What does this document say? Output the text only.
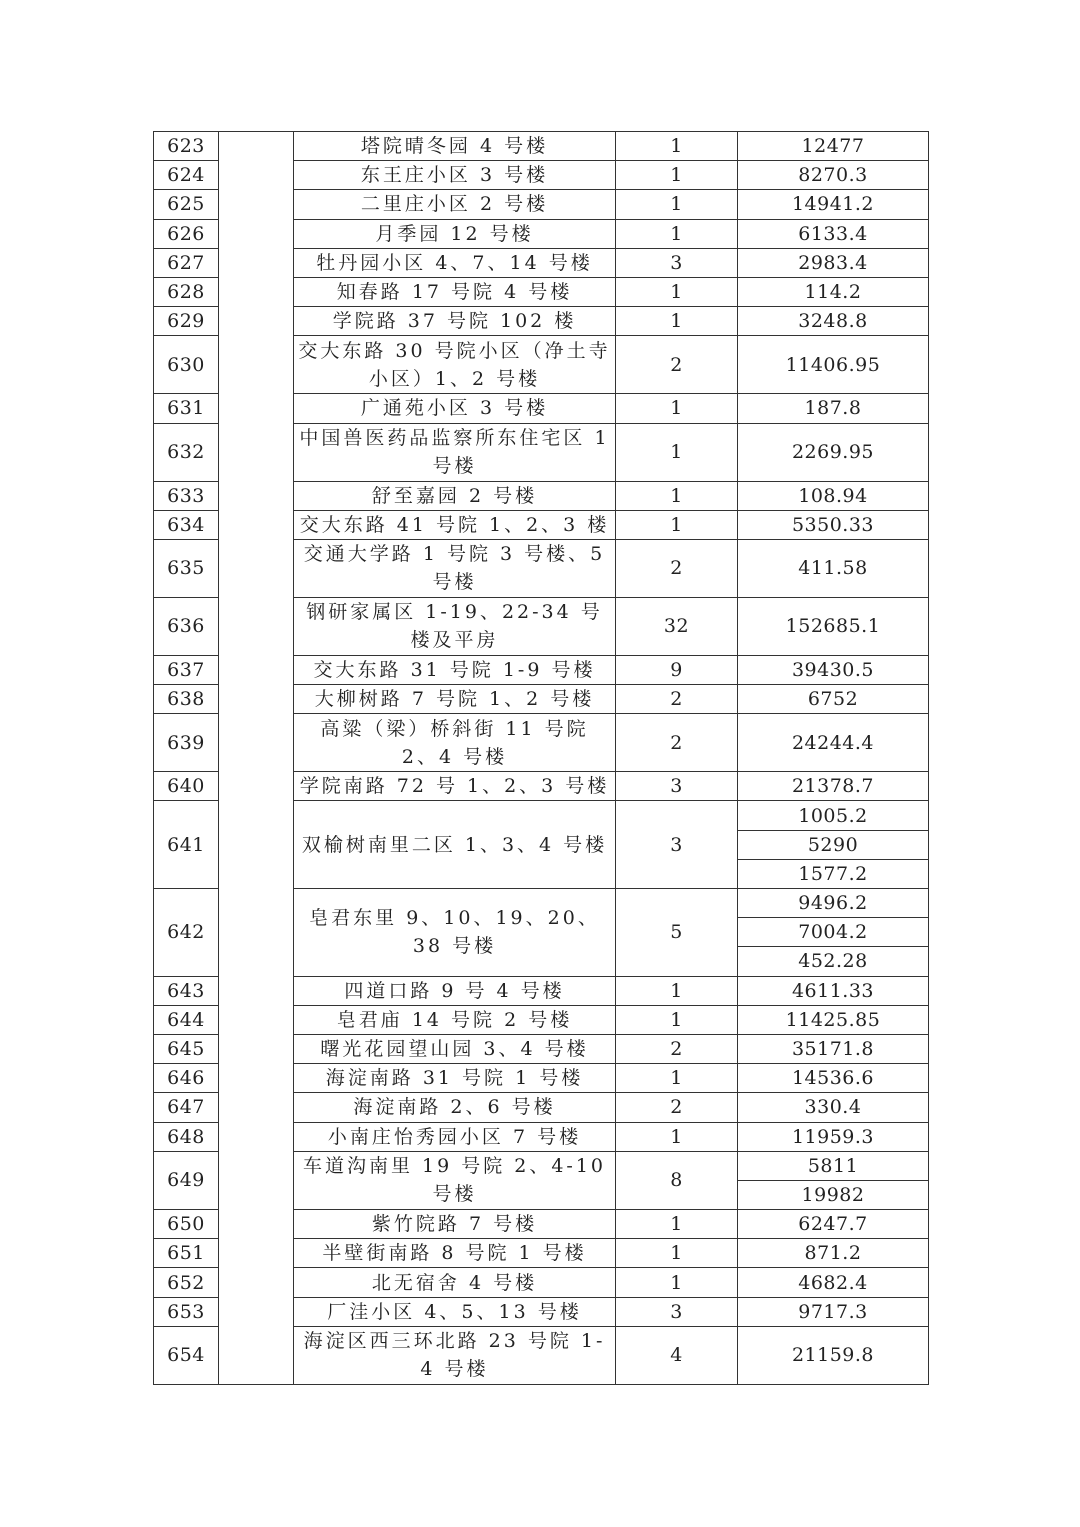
623		塔院晴冬园 4 号楼	1	12477
624		东王庄小区 3 号楼	1	8270.3
625		二里庄小区 2 号楼	1	14941.2
626		月季园 12 号楼	1	6133.4
627		牡丹园小区 4、7、14 号楼	3	2983.4
628		知春路 17 号院 4 号楼	1	114.2
629		学院路 37 号院 102 楼	1	3248.8
630		交大东路 30 号院小区（净土寺小区）1、2 号楼	2	11406.95
631		广通苑小区 3 号楼	1	187.8
632		中国兽医药品监察所东住宅区 1 号楼	1	2269.95
633		舒至嘉园 2 号楼	1	108.94
634		交大东路 41 号院 1、2、3 楼	1	5350.33
635		交通大学路 1 号院 3 号楼、5 号楼	2	411.58
636		钢研家属区 1-19、22-34 号楼及平房	32	152685.1
637		交大东路 31 号院 1-9 号楼	9	39430.5
638		大柳树路 7 号院 1、2 号楼	2	6752
639		高粱（梁）桥斜街 11 号院 2、4 号楼	2	24244.4
640		学院南路 72 号 1、2、3 号楼	3	21378.7
641		双榆树南里二区 1、3、4 号楼	3	1005.2
				5290
				1577.2
642		皂君东里 9、10、19、20、38 号楼	5	9496.2
				7004.2
				452.28
643		四道口路 9 号 4 号楼	1	4611.33
644		皂君庙 14 号院 2 号楼	1	11425.85
645		曙光花园望山园 3、4 号楼	2	35171.8
646		海淀南路 31 号院 1 号楼	1	14536.6
647		海淀南路 2、6 号楼	2	330.4
648		小南庄怡秀园小区 7 号楼	1	11959.3
649		车道沟南里 19 号院 2、4-10 号楼	8	5811
				19982
650		紫竹院路 7 号楼	1	6247.7
651		半壁街南路 8 号院 1 号楼	1	871.2
652		北无宿舍 4 号楼	1	4682.4
653		厂洼小区 4、5、13 号楼	3	9717.3
654		海淀区西三环北路 23 号院 1-4 号楼	4	21159.8
